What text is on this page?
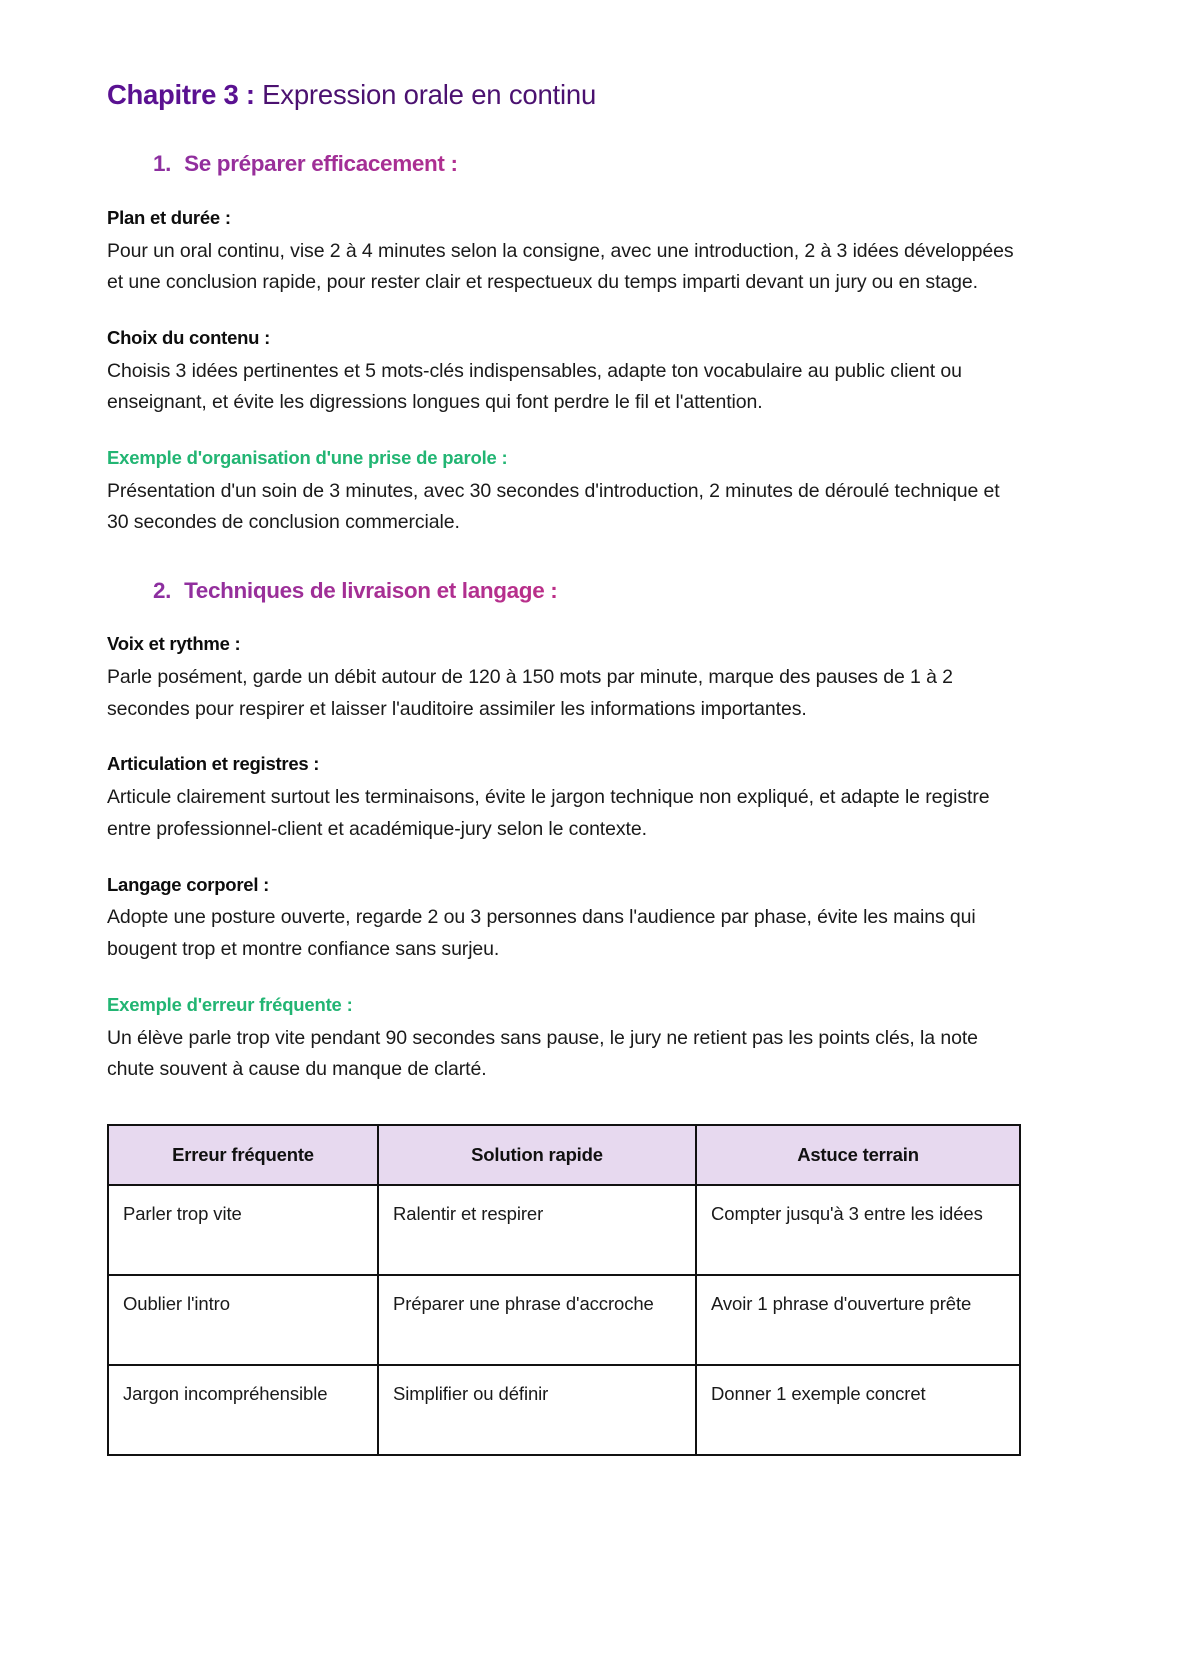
Chapitre 3 : Expression orale en continu
1. Se préparer efficacement :
Plan et durée :

Pour un oral continu, vise 2 à 4 minutes selon la consigne, avec une introduction, 2 à 3 idées développées et une conclusion rapide, pour rester clair et respectueux du temps imparti devant un jury ou en stage.

Choix du contenu :

Choisis 3 idées pertinentes et 5 mots-clés indispensables, adapte ton vocabulaire au public client ou enseignant, et évite les digressions longues qui font perdre le fil et l'attention.

Exemple d'organisation d'une prise de parole :

Présentation d'un soin de 3 minutes, avec 30 secondes d'introduction, 2 minutes de déroulé technique et 30 secondes de conclusion commerciale.

2. Techniques de livraison et langage :
Voix et rythme :

Parle posément, garde un débit autour de 120 à 150 mots par minute, marque des pauses de 1 à 2 secondes pour respirer et laisser l'auditoire assimiler les informations importantes.

Articulation et registres :

Articule clairement surtout les terminaisons, évite le jargon technique non expliqué, et adapte le registre entre professionnel-client et académique-jury selon le contexte.

Langage corporel :

Adopte une posture ouverte, regarde 2 ou 3 personnes dans l'audience par phase, évite les mains qui bougent trop et montre confiance sans surjeu.

Exemple d'erreur fréquente :

Un élève parle trop vite pendant 90 secondes sans pause, le jury ne retient pas les points clés, la note chute souvent à cause du manque de clarté.

Erreur fréquente	Solution rapide	Astuce terrain
Parler trop vite	Ralentir et respirer	Compter jusqu'à 3 entre les idées
Oublier l'intro	Préparer une phrase d'accroche	Avoir 1 phrase d'ouverture prête
Jargon incompréhensible	Simplifier ou définir	Donner 1 exemple concret
